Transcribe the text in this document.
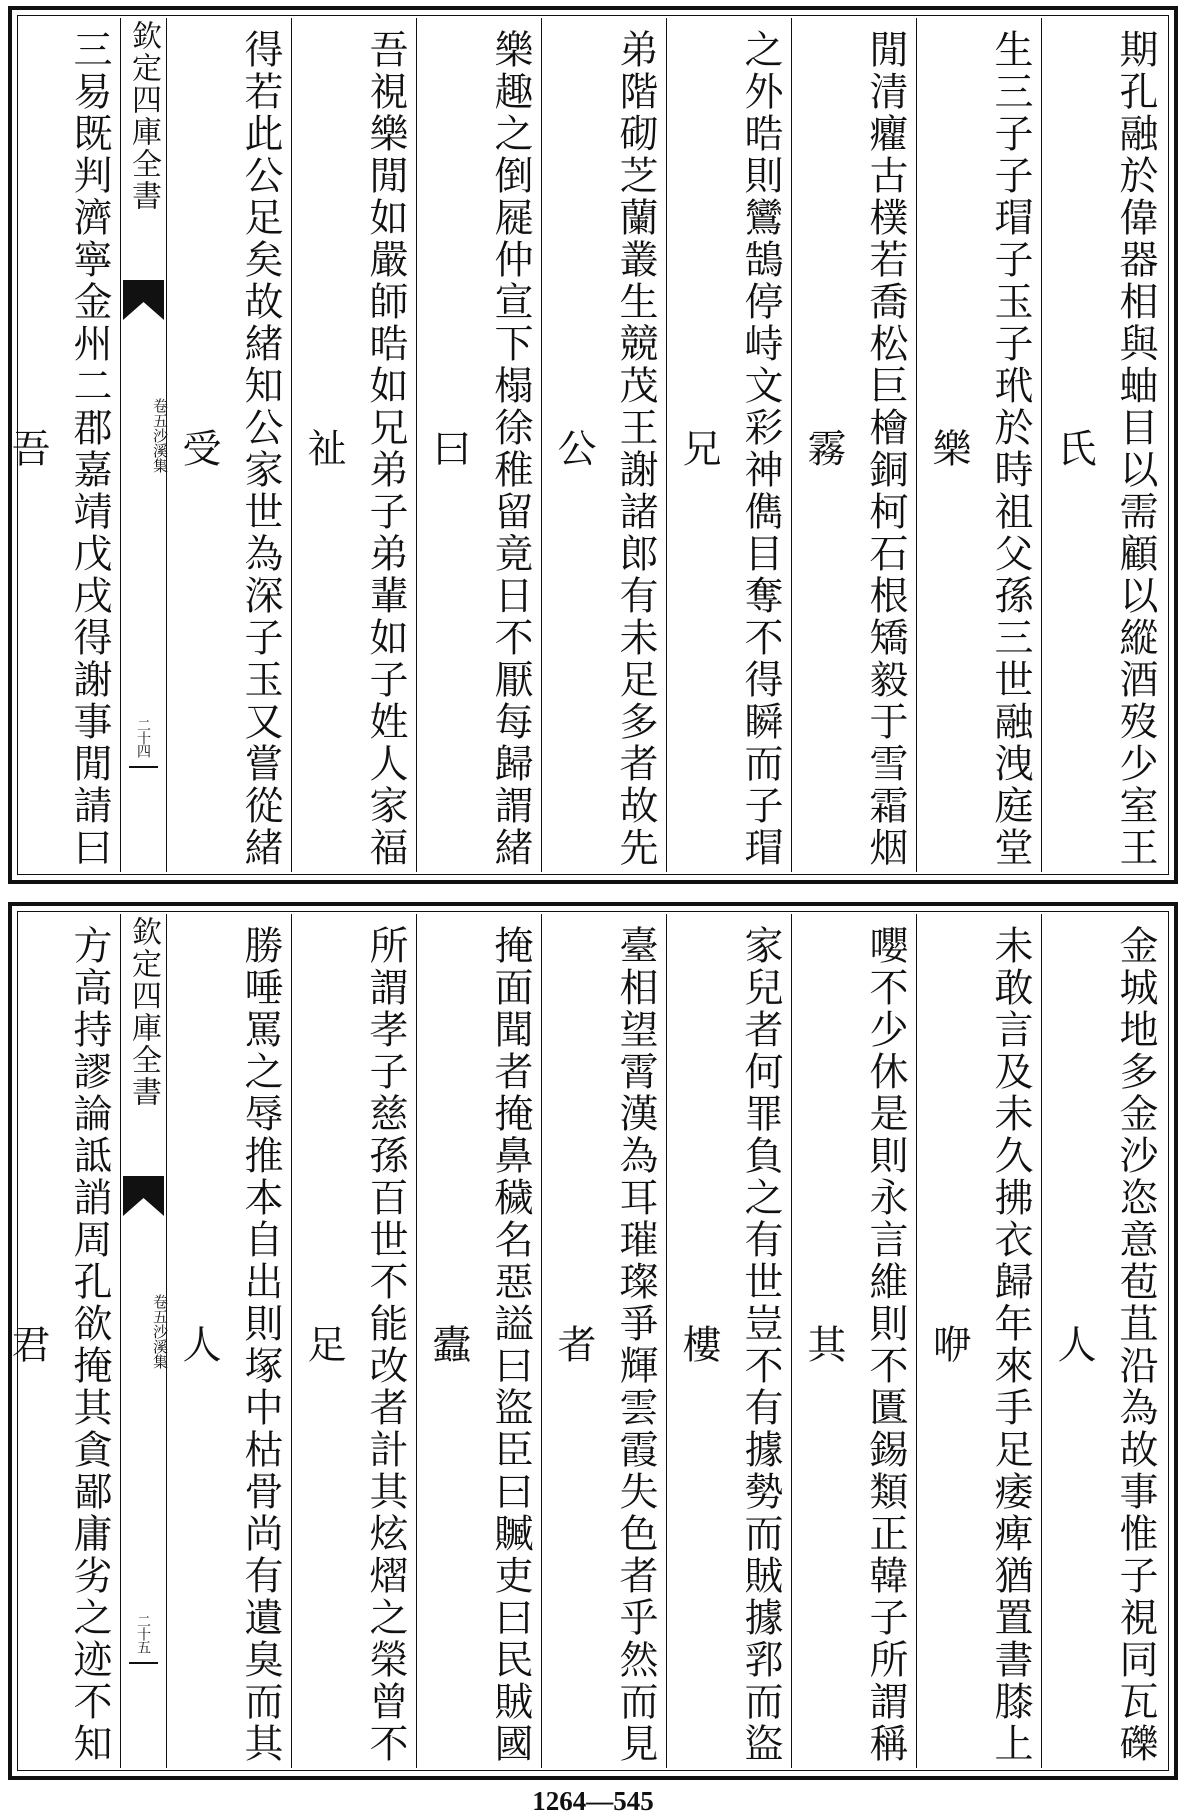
期孔融於偉器相與蚰目以需顧以縱酒歿少室王氏
生三子子瑁子玉子玳於時祖父孫三世融洩庭堂樂
閒清癯古樸若喬松巨檜銅柯石根矯毅于雪霜烟霧
之外晧則鸞鵠停峙文彩神儁目奪不得瞬而子瑁兄
弟階砌芝蘭叢生競茂王謝諸郎有未足多者故先公
樂趣之倒屣仲宣下榻徐稚留竟日不厭每歸謂緒曰
吾視樂閒如嚴師晧如兄弟子弟輩如子姓人家福祉
得若此公足矣故緒知公家世為深子玉又嘗從緒受
欽定四庫全書
沙溪集
卷五
二十四
三易既判濟寧金州二郡嘉靖戊戌得謝事閒請曰吾
金城地多金沙恣意苞苴沿為故事惟子視同瓦礫人
未敢言及未久拂衣歸年來手足痿痺猶置書膝上咿
嚶不少休是則永言維則不匱錫類正韓子所謂稱其
家兒者何罪負之有世豈不有據勢而賊據郛而盜樓
臺相望霄漢為耳璀璨爭輝雲霞失色者乎然而見者
掩面聞者掩鼻穢名惡謚曰盜臣曰贓吏曰民賊國蠹
所謂孝子慈孫百世不能改者計其炫熠之榮曾不足
勝唾罵之辱推本自出則塚中枯骨尚有遺臭而其人
欽定四庫全書
沙溪集
卷五
二十五
方高持謬論詆誚周孔欲掩其貪鄙庸劣之迹不知君
1264—545
